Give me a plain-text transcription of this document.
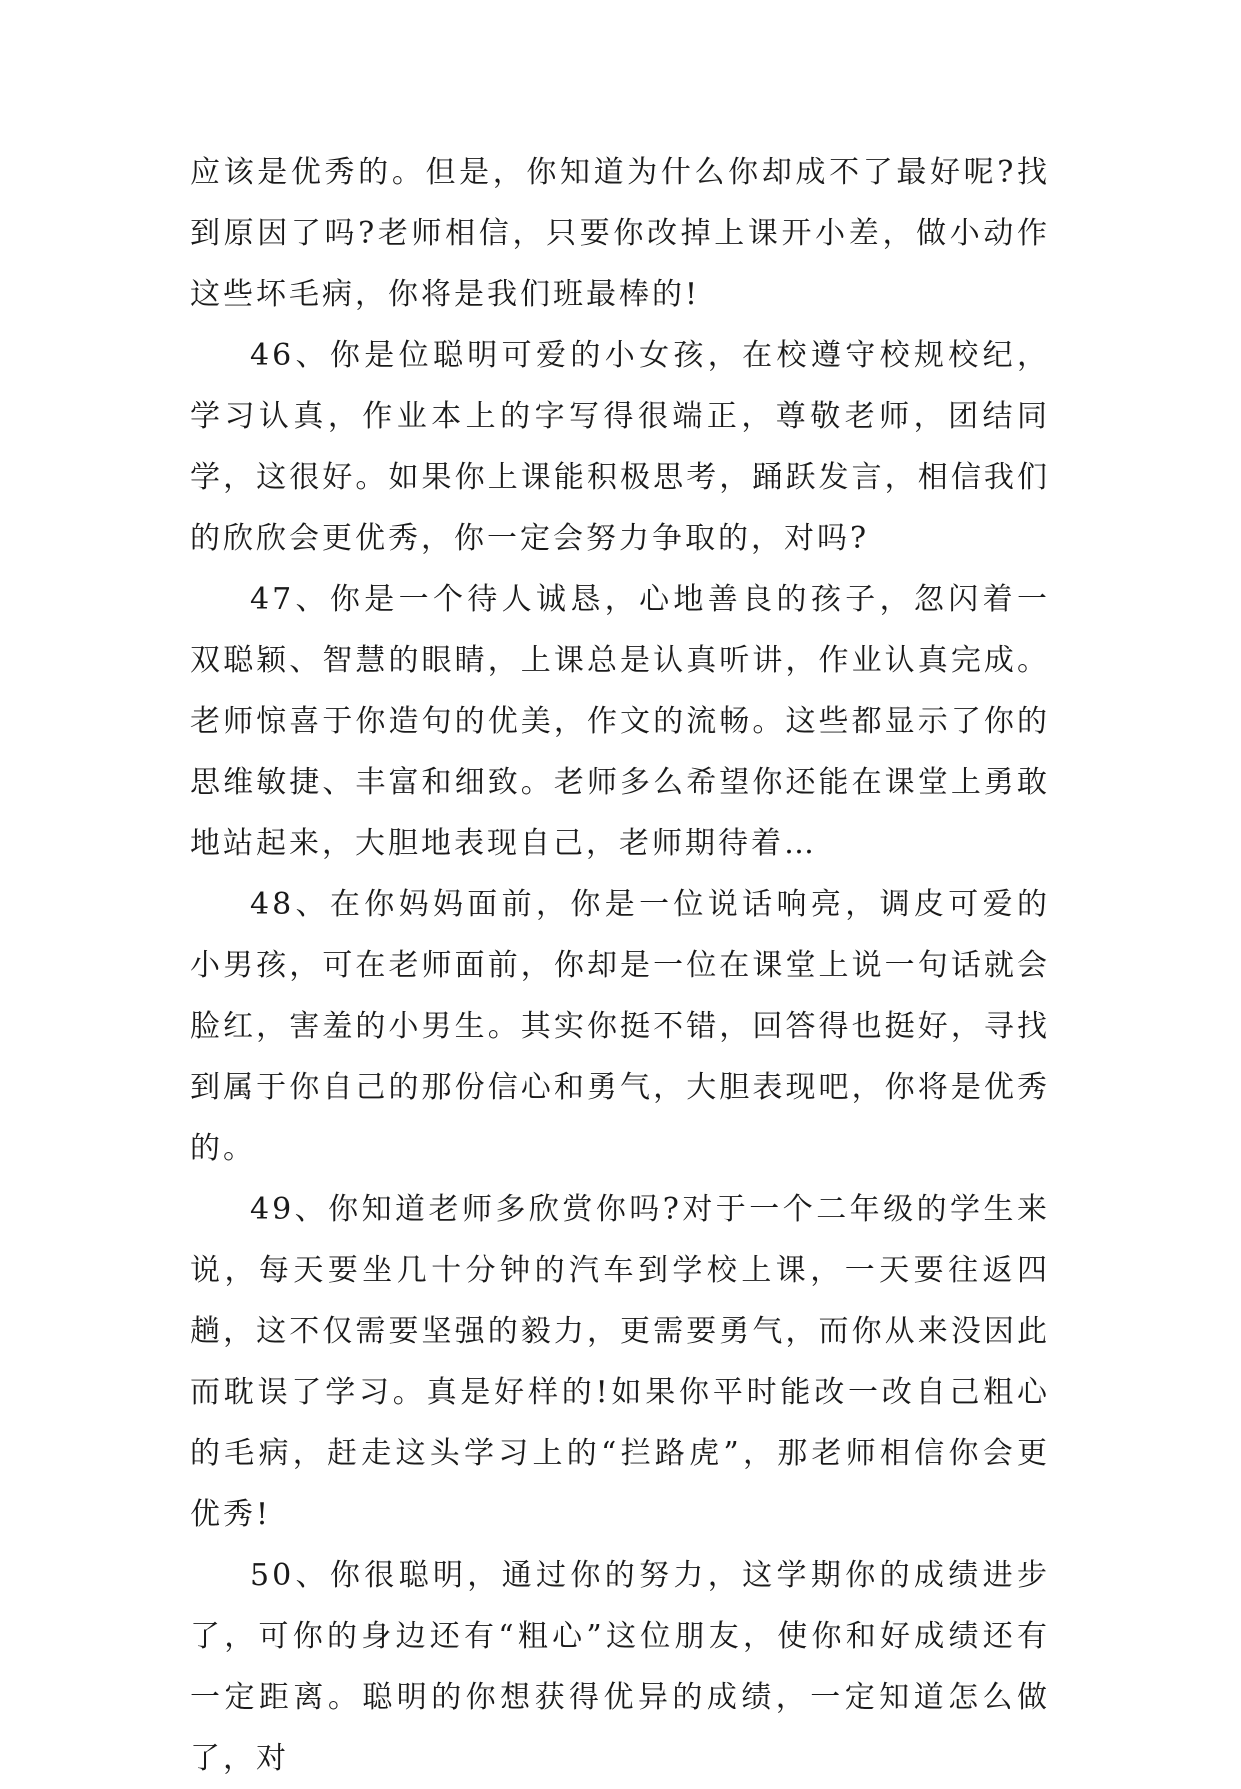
应该是优秀的。但是，你知道为什么你却成不了最好呢?找到原因了吗?老师相信，只要你改掉上课开小差，做小动作这些坏毛病，你将是我们班最棒的!

46、你是位聪明可爱的小女孩，在校遵守校规校纪，学习认真，作业本上的字写得很端正，尊敬老师，团结同学，这很好。如果你上课能积极思考，踊跃发言，相信我们的欣欣会更优秀，你一定会努力争取的，对吗?

47、你是一个待人诚恳，心地善良的孩子，忽闪着一双聪颖、智慧的眼睛，上课总是认真听讲，作业认真完成。老师惊喜于你造句的优美，作文的流畅。这些都显示了你的思维敏捷、丰富和细致。老师多么希望你还能在课堂上勇敢地站起来，大胆地表现自己，老师期待着…

48、在你妈妈面前，你是一位说话响亮，调皮可爱的小男孩，可在老师面前，你却是一位在课堂上说一句话就会脸红，害羞的小男生。其实你挺不错，回答得也挺好，寻找到属于你自己的那份信心和勇气，大胆表现吧，你将是优秀的。

49、你知道老师多欣赏你吗?对于一个二年级的学生来说，每天要坐几十分钟的汽车到学校上课，一天要往返四趟，这不仅需要坚强的毅力，更需要勇气，而你从来没因此而耽误了学习。真是好样的!如果你平时能改一改自己粗心的毛病，赶走这头学习上的“拦路虎”，那老师相信你会更优秀!

50、你很聪明，通过你的努力，这学期你的成绩进步了，可你的身边还有“粗心”这位朋友，使你和好成绩还有一定距离。聪明的你想获得优异的成绩，一定知道怎么做了，对
